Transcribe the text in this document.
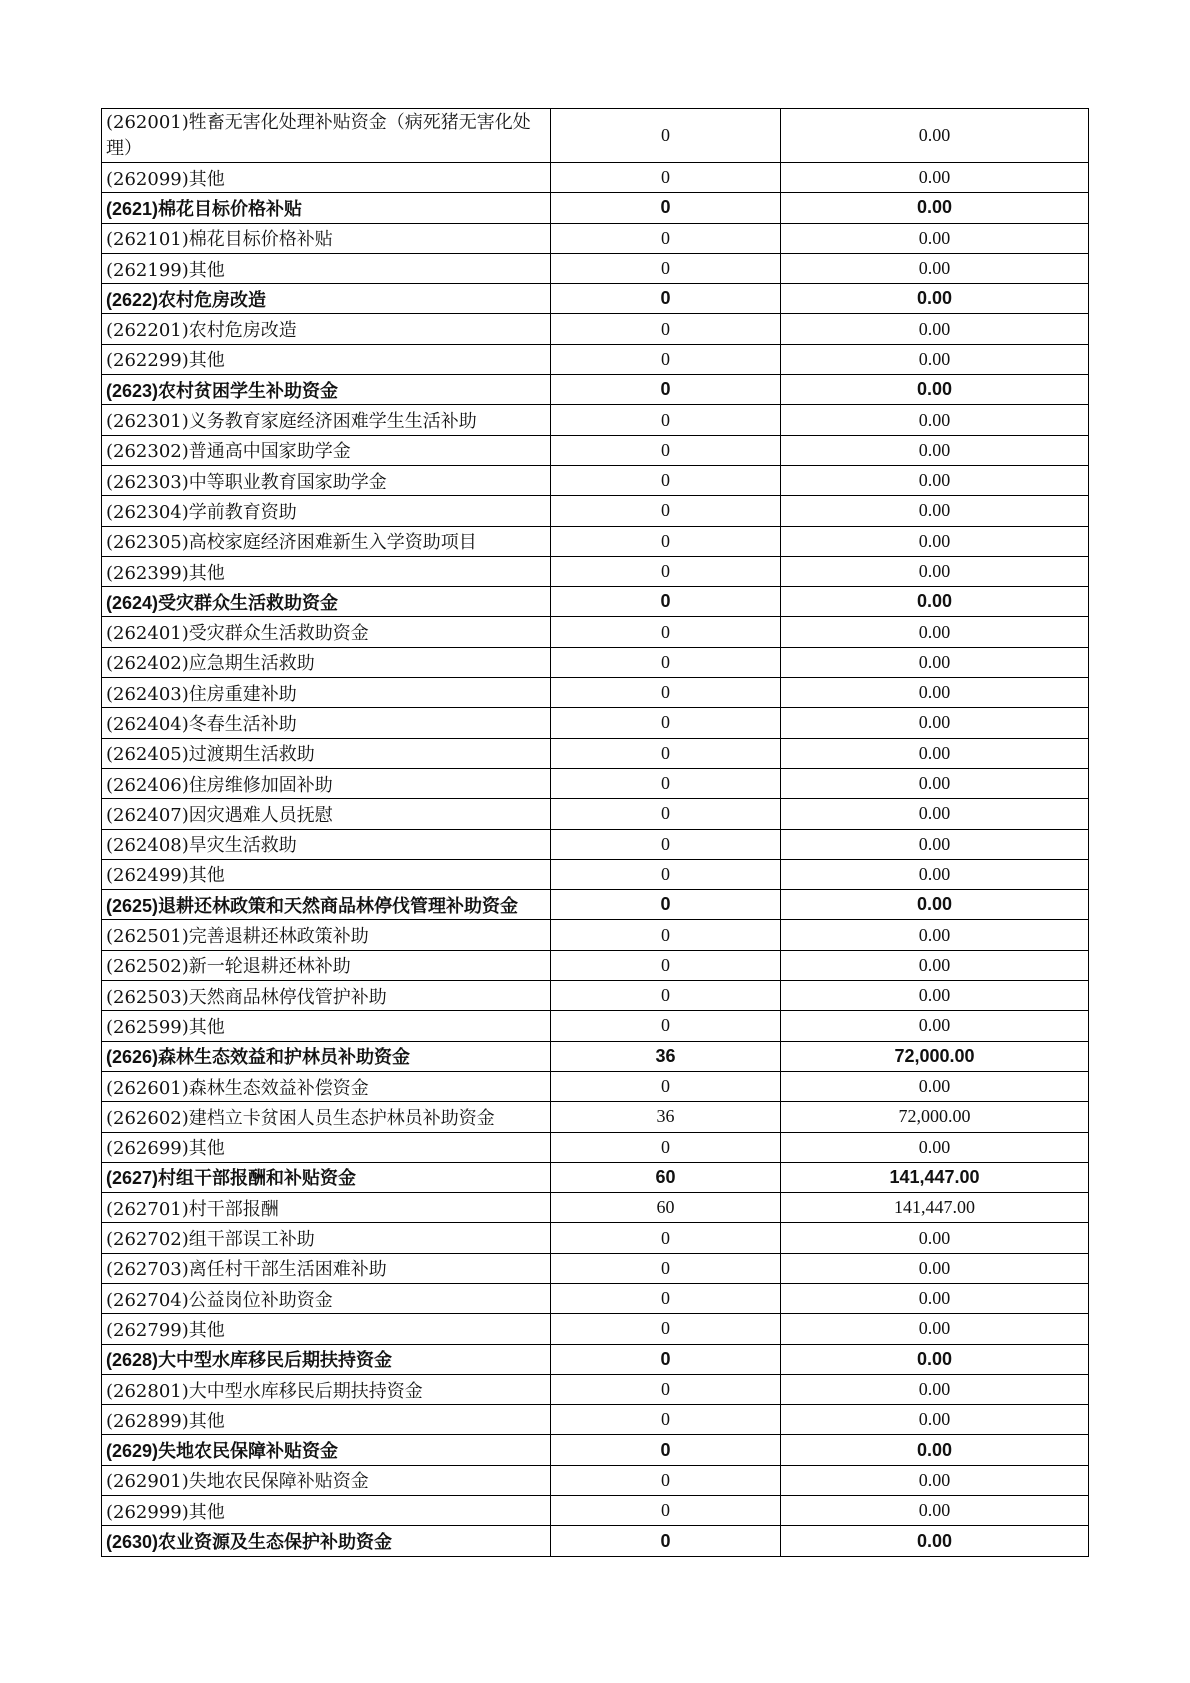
(262001)牲畜无害化处理补贴资金（病死猪无害化处理）	0	0.00
(262099)其他	0	0.00
(2621)棉花目标价格补贴	0	0.00
(262101)棉花目标价格补贴	0	0.00
(262199)其他	0	0.00
(2622)农村危房改造	0	0.00
(262201)农村危房改造	0	0.00
(262299)其他	0	0.00
(2623)农村贫困学生补助资金	0	0.00
(262301)义务教育家庭经济困难学生生活补助	0	0.00
(262302)普通高中国家助学金	0	0.00
(262303)中等职业教育国家助学金	0	0.00
(262304)学前教育资助	0	0.00
(262305)高校家庭经济困难新生入学资助项目	0	0.00
(262399)其他	0	0.00
(2624)受灾群众生活救助资金	0	0.00
(262401)受灾群众生活救助资金	0	0.00
(262402)应急期生活救助	0	0.00
(262403)住房重建补助	0	0.00
(262404)冬春生活补助	0	0.00
(262405)过渡期生活救助	0	0.00
(262406)住房维修加固补助	0	0.00
(262407)因灾遇难人员抚慰	0	0.00
(262408)旱灾生活救助	0	0.00
(262499)其他	0	0.00
(2625)退耕还林政策和天然商品林停伐管理补助资金	0	0.00
(262501)完善退耕还林政策补助	0	0.00
(262502)新一轮退耕还林补助	0	0.00
(262503)天然商品林停伐管护补助	0	0.00
(262599)其他	0	0.00
(2626)森林生态效益和护林员补助资金	36	72,000.00
(262601)森林生态效益补偿资金	0	0.00
(262602)建档立卡贫困人员生态护林员补助资金	36	72,000.00
(262699)其他	0	0.00
(2627)村组干部报酬和补贴资金	60	141,447.00
(262701)村干部报酬	60	141,447.00
(262702)组干部误工补助	0	0.00
(262703)离任村干部生活困难补助	0	0.00
(262704)公益岗位补助资金	0	0.00
(262799)其他	0	0.00
(2628)大中型水库移民后期扶持资金	0	0.00
(262801)大中型水库移民后期扶持资金	0	0.00
(262899)其他	0	0.00
(2629)失地农民保障补贴资金	0	0.00
(262901)失地农民保障补贴资金	0	0.00
(262999)其他	0	0.00
(2630)农业资源及生态保护补助资金	0	0.00
